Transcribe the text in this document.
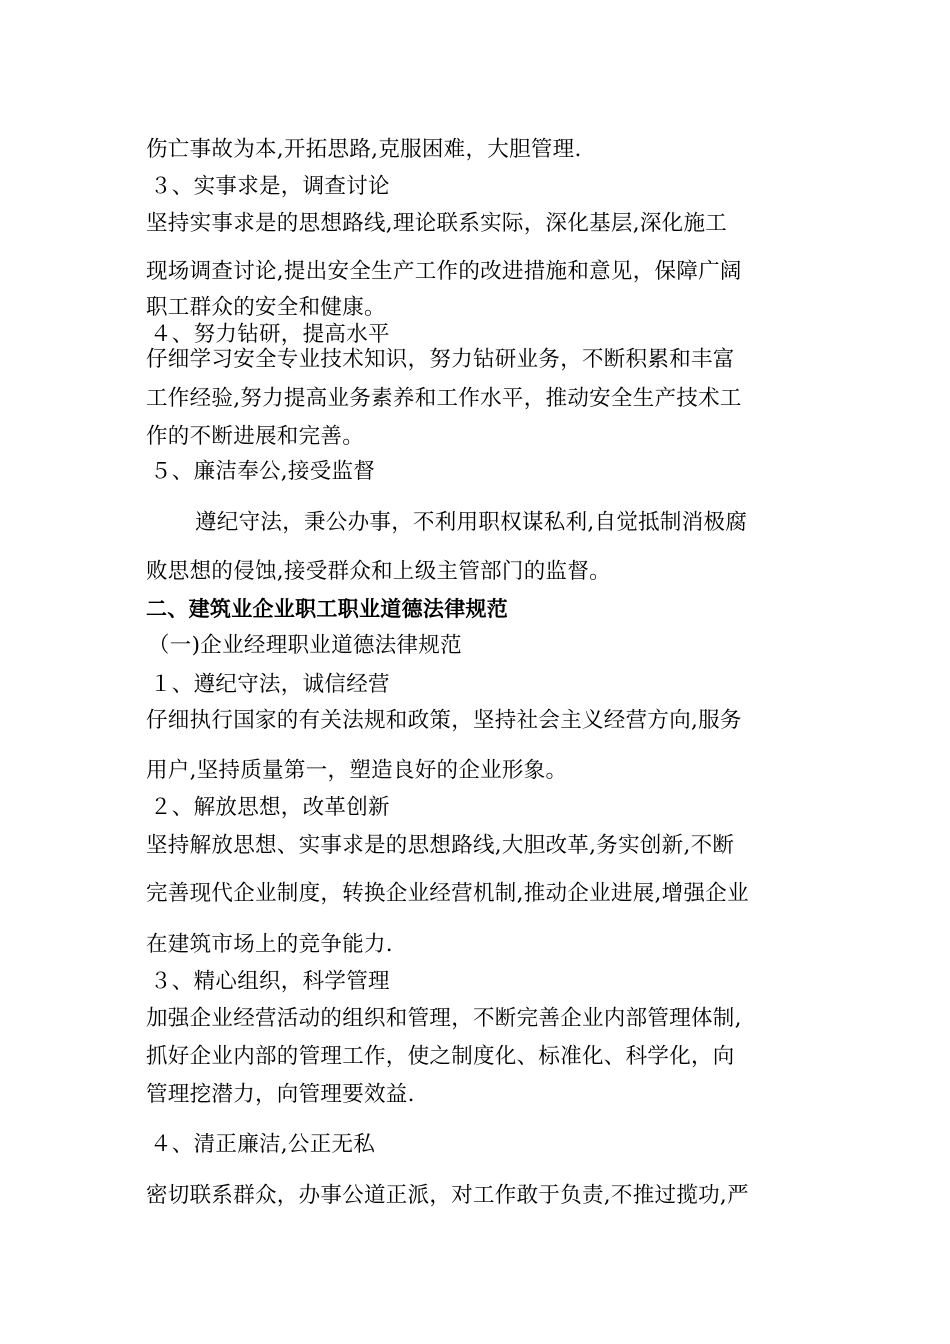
伤亡事故为本,开拓思路,克服困难，大胆管理.
３、实事求是，调查讨论
坚持实事求是的思想路线,理论联系实际，深化基层,深化施工
现场调查讨论,提出安全生产工作的改进措施和意见，保障广阔
职工群众的安全和健康。
４、努力钻研，提高水平
仔细学习安全专业技术知识，努力钻研业务，不断积累和丰富
工作经验,努力提高业务素养和工作水平，推动安全生产技术工
作的不断进展和完善。
５、廉洁奉公,接受监督
遵纪守法，秉公办事，不利用职权谋私利,自觉抵制消极腐
败思想的侵蚀,接受群众和上级主管部门的监督。
二、建筑业企业职工职业道德法律规范
（一)企业经理职业道德法律规范
１、遵纪守法，诚信经营
仔细执行国家的有关法规和政策，坚持社会主义经营方向,服务
用户,坚持质量第一，塑造良好的企业形象。
２、解放思想，改革创新
坚持解放思想、实事求是的思想路线,大胆改革,务实创新,不断
完善现代企业制度，转换企业经营机制,推动企业进展,增强企业
在建筑市场上的竞争能力.
３、精心组织，科学管理
加强企业经营活动的组织和管理，不断完善企业内部管理体制,
抓好企业内部的管理工作，使之制度化、标准化、科学化，向
管理挖潜力，向管理要效益.
４、清正廉洁,公正无私
密切联系群众，办事公道正派，对工作敢于负责,不推过揽功,严
